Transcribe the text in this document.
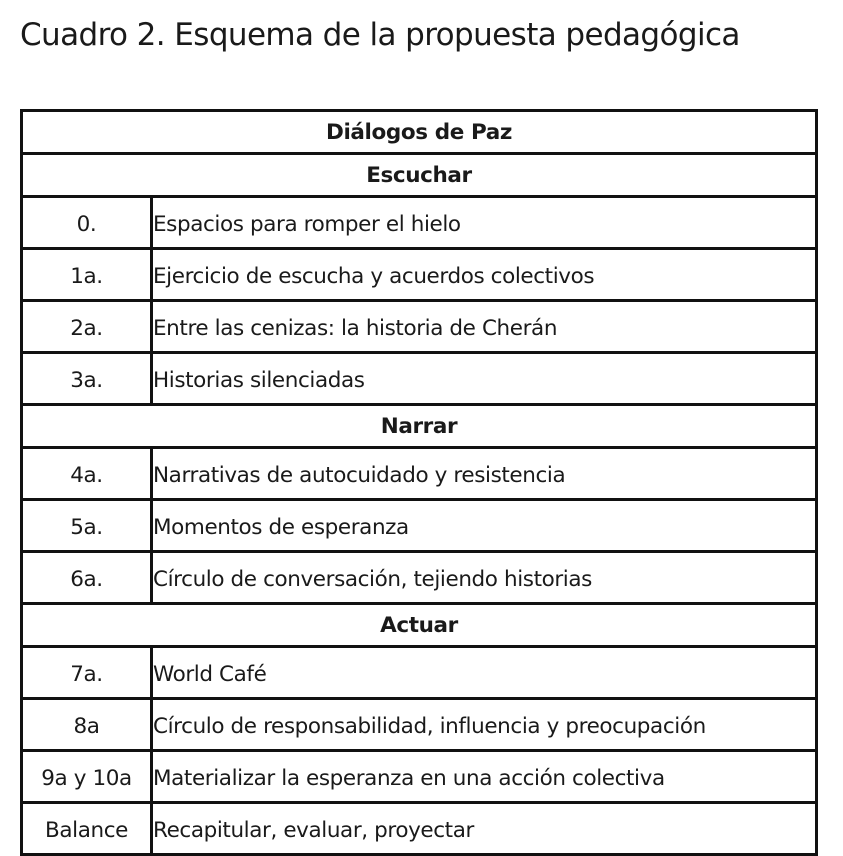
Cuadro 2. Esquema de la propuesta pedagógica
Diálogos de Paz	
Escuchar	
0.	Espacios para romper el hielo
1a.	Ejercicio de escucha y acuerdos colectivos
2a.	Entre las cenizas: la historia de Cherán
3a.	Historias silenciadas
Narrar	
4a.	Narrativas de autocuidado y resistencia
5a.	Momentos de esperanza
6a.	Círculo de conversación, tejiendo historias
Actuar	
7a.	World Café
8a	Círculo de responsabilidad, influencia y preocupación
9a y 10a	Materializar la esperanza en una acción colectiva
Balance	Recapitular, evaluar, proyectar
